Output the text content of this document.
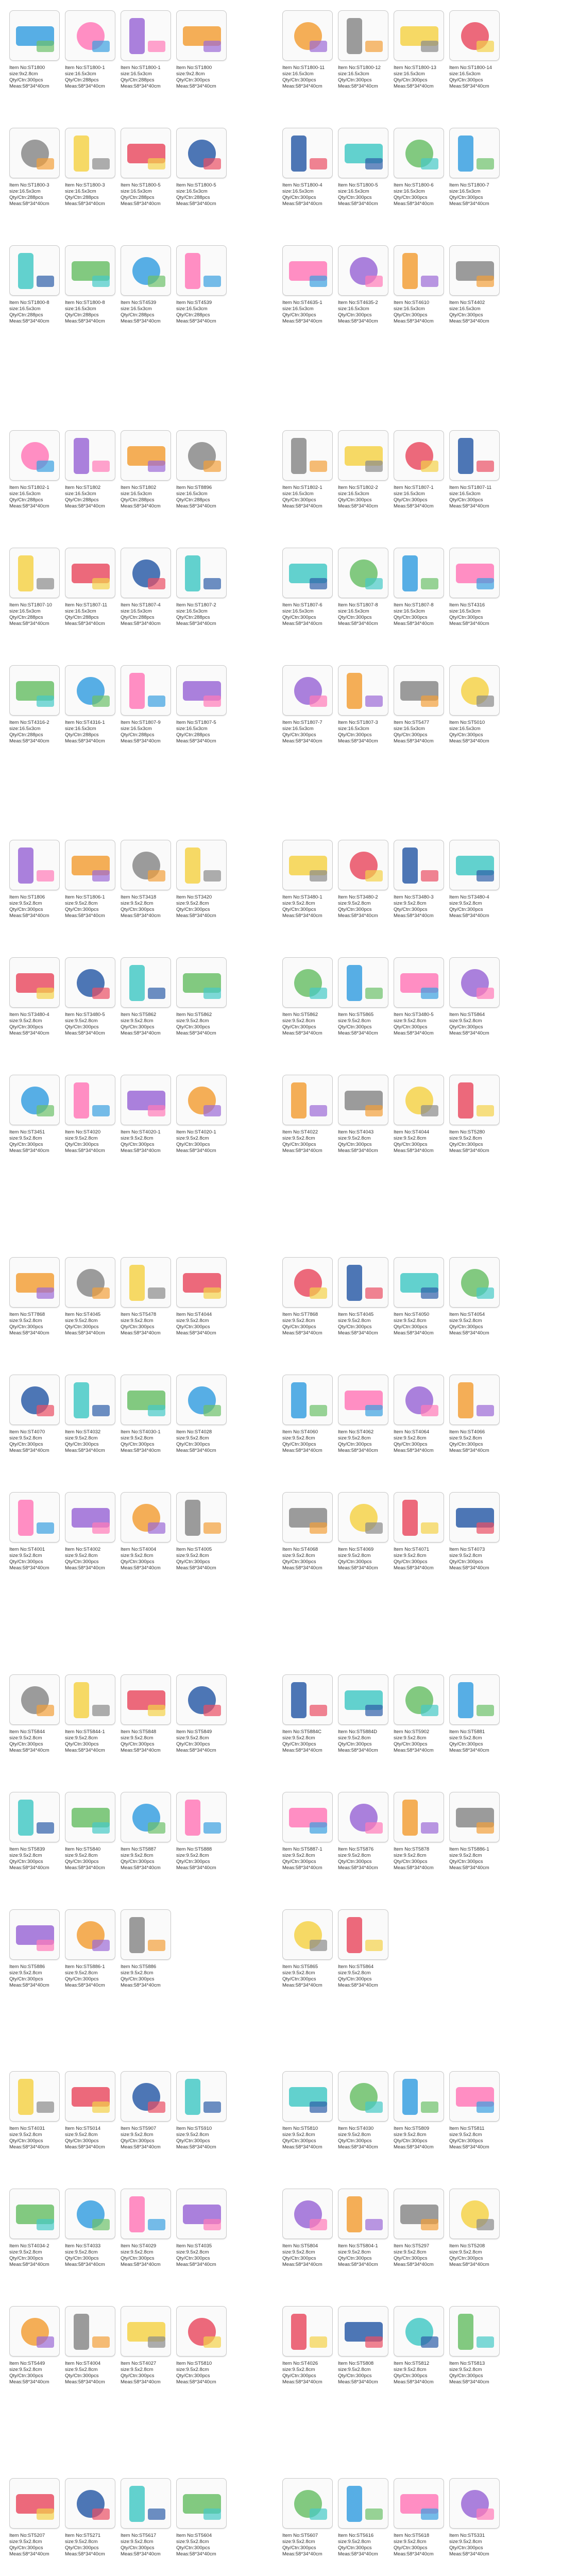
Item No:ST1800
size:9x2.8cm
Qty/Ctn:300pcs
Meas:58*34*40cm
Item No:ST1800-1
size:16.5x3cm
Qty/Ctn:288pcs
Meas:58*34*40cm
Item No:ST1800-1
size:16.5x3cm
Qty/Ctn:288pcs
Meas:58*34*40cm
Item No:ST1800
size:9x2.8cm
Qty/Ctn:300pcs
Meas:58*34*40cm
Item No:ST1800-3
size:16.5x3cm
Qty/Ctn:288pcs
Meas:58*34*40cm
Item No:ST1800-3
size:16.5x3cm
Qty/Ctn:288pcs
Meas:58*34*40cm
Item No:ST1800-5
size:16.5x3cm
Qty/Ctn:288pcs
Meas:58*34*40cm
Item No:ST1800-5
size:16.5x3cm
Qty/Ctn:288pcs
Meas:58*34*40cm
Item No:ST1800-8
size:16.5x3cm
Qty/Ctn:288pcs
Meas:58*34*40cm
Item No:ST1800-8
size:16.5x3cm
Qty/Ctn:288pcs
Meas:58*34*40cm
Item No:ST4539
size:16.5x3cm
Qty/Ctn:288pcs
Meas:58*34*40cm
Item No:ST4539
size:16.5x3cm
Qty/Ctn:288pcs
Meas:58*34*40cm
Item No:ST1800-11
size:16.5x3cm
Qty/Ctn:300pcs
Meas:58*34*40cm
Item No:ST1800-12
size:16.5x3cm
Qty/Ctn:300pcs
Meas:58*34*40cm
Item No:ST1800-13
size:16.5x3cm
Qty/Ctn:300pcs
Meas:58*34*40cm
Item No:ST1800-14
size:16.5x3cm
Qty/Ctn:300pcs
Meas:58*34*40cm
Item No:ST1800-4
size:16.5x3cm
Qty/Ctn:300pcs
Meas:58*34*40cm
Item No:ST1800-5
size:16.5x3cm
Qty/Ctn:300pcs
Meas:58*34*40cm
Item No:ST1800-6
size:16.5x3cm
Qty/Ctn:300pcs
Meas:58*34*40cm
Item No:ST1800-7
size:16.5x3cm
Qty/Ctn:300pcs
Meas:58*34*40cm
Item No:ST4635-1
size:16.5x3cm
Qty/Ctn:300pcs
Meas:58*34*40cm
Item No:ST4635-2
size:16.5x3cm
Qty/Ctn:300pcs
Meas:58*34*40cm
Item No:ST4610
size:16.5x3cm
Qty/Ctn:300pcs
Meas:58*34*40cm
Item No:ST4402
size:16.5x3cm
Qty/Ctn:300pcs
Meas:58*34*40cm
Item No:ST1802-1
size:16.5x3cm
Qty/Ctn:288pcs
Meas:58*34*40cm
Item No:ST1802
size:16.5x3cm
Qty/Ctn:288pcs
Meas:58*34*40cm
Item No:ST1802
size:16.5x3cm
Qty/Ctn:288pcs
Meas:58*34*40cm
Item No:ST8896
size:16.5x3cm
Qty/Ctn:288pcs
Meas:58*34*40cm
Item No:ST1807-10
size:16.5x3cm
Qty/Ctn:288pcs
Meas:58*34*40cm
Item No:ST1807-11
size:16.5x3cm
Qty/Ctn:288pcs
Meas:58*34*40cm
Item No:ST1807-4
size:16.5x3cm
Qty/Ctn:288pcs
Meas:58*34*40cm
Item No:ST1807-2
size:16.5x3cm
Qty/Ctn:288pcs
Meas:58*34*40cm
Item No:ST4316-2
size:16.5x3cm
Qty/Ctn:288pcs
Meas:58*34*40cm
Item No:ST4316-1
size:16.5x3cm
Qty/Ctn:288pcs
Meas:58*34*40cm
Item No:ST1807-9
size:16.5x3cm
Qty/Ctn:288pcs
Meas:58*34*40cm
Item No:ST1807-5
size:16.5x3cm
Qty/Ctn:288pcs
Meas:58*34*40cm
Item No:ST1802-1
size:16.5x3cm
Qty/Ctn:300pcs
Meas:58*34*40cm
Item No:ST1802-2
size:16.5x3cm
Qty/Ctn:300pcs
Meas:58*34*40cm
Item No:ST1807-1
size:16.5x3cm
Qty/Ctn:300pcs
Meas:58*34*40cm
Item No:ST1807-11
size:16.5x3cm
Qty/Ctn:300pcs
Meas:58*34*40cm
Item No:ST1807-6
size:16.5x3cm
Qty/Ctn:300pcs
Meas:58*34*40cm
Item No:ST1807-8
size:16.5x3cm
Qty/Ctn:300pcs
Meas:58*34*40cm
Item No:ST1807-8
size:16.5x3cm
Qty/Ctn:300pcs
Meas:58*34*40cm
Item No:ST4316
size:16.5x3cm
Qty/Ctn:300pcs
Meas:58*34*40cm
Item No:ST1807-7
size:16.5x3cm
Qty/Ctn:300pcs
Meas:58*34*40cm
Item No:ST1807-3
size:16.5x3cm
Qty/Ctn:300pcs
Meas:58*34*40cm
Item No:ST5477
size:16.5x3cm
Qty/Ctn:300pcs
Meas:58*34*40cm
Item No:ST5010
size:16.5x3cm
Qty/Ctn:300pcs
Meas:58*34*40cm
Item No:ST1806
size:9.5x2.8cm
Qty/Ctn:300pcs
Meas:58*34*40cm
Item No:ST1806-1
size:9.5x2.8cm
Qty/Ctn:300pcs
Meas:58*34*40cm
Item No:ST3418
size:9.5x2.8cm
Qty/Ctn:300pcs
Meas:58*34*40cm
Item No:ST3420
size:9.5x2.8cm
Qty/Ctn:300pcs
Meas:58*34*40cm
Item No:ST3480-4
size:9.5x2.8cm
Qty/Ctn:300pcs
Meas:58*34*40cm
Item No:ST3480-5
size:9.5x2.8cm
Qty/Ctn:300pcs
Meas:58*34*40cm
Item No:ST5862
size:9.5x2.8cm
Qty/Ctn:300pcs
Meas:58*34*40cm
Item No:ST5862
size:9.5x2.8cm
Qty/Ctn:300pcs
Meas:58*34*40cm
Item No:ST3451
size:9.5x2.8cm
Qty/Ctn:300pcs
Meas:58*34*40cm
Item No:ST4020
size:9.5x2.8cm
Qty/Ctn:300pcs
Meas:58*34*40cm
Item No:ST4020-1
size:9.5x2.8cm
Qty/Ctn:300pcs
Meas:58*34*40cm
Item No:ST4020-1
size:9.5x2.8cm
Qty/Ctn:300pcs
Meas:58*34*40cm
Item No:ST3480-1
size:9.5x2.8cm
Qty/Ctn:300pcs
Meas:58*34*40cm
Item No:ST3480-2
size:9.5x2.8cm
Qty/Ctn:300pcs
Meas:58*34*40cm
Item No:ST3480-3
size:9.5x2.8cm
Qty/Ctn:300pcs
Meas:58*34*40cm
Item No:ST3480-4
size:9.5x2.8cm
Qty/Ctn:300pcs
Meas:58*34*40cm
Item No:ST5862
size:9.5x2.8cm
Qty/Ctn:300pcs
Meas:58*34*40cm
Item No:ST5865
size:9.5x2.8cm
Qty/Ctn:300pcs
Meas:58*34*40cm
Item No:ST3480-5
size:9.5x2.8cm
Qty/Ctn:300pcs
Meas:58*34*40cm
Item No:ST5864
size:9.5x2.8cm
Qty/Ctn:300pcs
Meas:58*34*40cm
Item No:ST4022
size:9.5x2.8cm
Qty/Ctn:300pcs
Meas:58*34*40cm
Item No:ST4043
size:9.5x2.8cm
Qty/Ctn:300pcs
Meas:58*34*40cm
Item No:ST4044
size:9.5x2.8cm
Qty/Ctn:300pcs
Meas:58*34*40cm
Item No:ST5280
size:9.5x2.8cm
Qty/Ctn:300pcs
Meas:58*34*40cm
Item No:ST7868
size:9.5x2.8cm
Qty/Ctn:300pcs
Meas:58*34*40cm
Item No:ST4045
size:9.5x2.8cm
Qty/Ctn:300pcs
Meas:58*34*40cm
Item No:ST5478
size:9.5x2.8cm
Qty/Ctn:300pcs
Meas:58*34*40cm
Item No:ST4044
size:9.5x2.8cm
Qty/Ctn:300pcs
Meas:58*34*40cm
Item No:ST4070
size:9.5x2.8cm
Qty/Ctn:300pcs
Meas:58*34*40cm
Item No:ST4032
size:9.5x2.8cm
Qty/Ctn:300pcs
Meas:58*34*40cm
Item No:ST4030-1
size:9.5x2.8cm
Qty/Ctn:300pcs
Meas:58*34*40cm
Item No:ST4028
size:9.5x2.8cm
Qty/Ctn:300pcs
Meas:58*34*40cm
Item No:ST4001
size:9.5x2.8cm
Qty/Ctn:300pcs
Meas:58*34*40cm
Item No:ST4002
size:9.5x2.8cm
Qty/Ctn:300pcs
Meas:58*34*40cm
Item No:ST4004
size:9.5x2.8cm
Qty/Ctn:300pcs
Meas:58*34*40cm
Item No:ST4005
size:9.5x2.8cm
Qty/Ctn:300pcs
Meas:58*34*40cm
Item No:ST7868
size:9.5x2.8cm
Qty/Ctn:300pcs
Meas:58*34*40cm
Item No:ST4045
size:9.5x2.8cm
Qty/Ctn:300pcs
Meas:58*34*40cm
Item No:ST4050
size:9.5x2.8cm
Qty/Ctn:300pcs
Meas:58*34*40cm
Item No:ST4054
size:9.5x2.8cm
Qty/Ctn:300pcs
Meas:58*34*40cm
Item No:ST4060
size:9.5x2.8cm
Qty/Ctn:300pcs
Meas:58*34*40cm
Item No:ST4062
size:9.5x2.8cm
Qty/Ctn:300pcs
Meas:58*34*40cm
Item No:ST4064
size:9.5x2.8cm
Qty/Ctn:300pcs
Meas:58*34*40cm
Item No:ST4066
size:9.5x2.8cm
Qty/Ctn:300pcs
Meas:58*34*40cm
Item No:ST4068
size:9.5x2.8cm
Qty/Ctn:300pcs
Meas:58*34*40cm
Item No:ST4069
size:9.5x2.8cm
Qty/Ctn:300pcs
Meas:58*34*40cm
Item No:ST4071
size:9.5x2.8cm
Qty/Ctn:300pcs
Meas:58*34*40cm
Item No:ST4073
size:9.5x2.8cm
Qty/Ctn:300pcs
Meas:58*34*40cm
Item No:ST5844
size:9.5x2.8cm
Qty/Ctn:300pcs
Meas:58*34*40cm
Item No:ST5844-1
size:9.5x2.8cm
Qty/Ctn:300pcs
Meas:58*34*40cm
Item No:ST5848
size:9.5x2.8cm
Qty/Ctn:300pcs
Meas:58*34*40cm
Item No:ST5849
size:9.5x2.8cm
Qty/Ctn:300pcs
Meas:58*34*40cm
Item No:ST5839
size:9.5x2.8cm
Qty/Ctn:300pcs
Meas:58*34*40cm
Item No:ST5840
size:9.5x2.8cm
Qty/Ctn:300pcs
Meas:58*34*40cm
Item No:ST5887
size:9.5x2.8cm
Qty/Ctn:300pcs
Meas:58*34*40cm
Item No:ST5888
size:9.5x2.8cm
Qty/Ctn:300pcs
Meas:58*34*40cm
Item No:ST5886
size:9.5x2.8cm
Qty/Ctn:300pcs
Meas:58*34*40cm
Item No:ST5886-1
size:9.5x2.8cm
Qty/Ctn:300pcs
Meas:58*34*40cm
Item No:ST5886
size:9.5x2.8cm
Qty/Ctn:300pcs
Meas:58*34*40cm
Item No:ST5884C
size:9.5x2.8cm
Qty/Ctn:300pcs
Meas:58*34*40cm
Item No:ST5884D
size:9.5x2.8cm
Qty/Ctn:300pcs
Meas:58*34*40cm
Item No:ST5902
size:9.5x2.8cm
Qty/Ctn:300pcs
Meas:58*34*40cm
Item No:ST5881
size:9.5x2.8cm
Qty/Ctn:300pcs
Meas:58*34*40cm
Item No:ST5887-1
size:9.5x2.8cm
Qty/Ctn:300pcs
Meas:58*34*40cm
Item No:ST5876
size:9.5x2.8cm
Qty/Ctn:300pcs
Meas:58*34*40cm
Item No:ST5878
size:9.5x2.8cm
Qty/Ctn:300pcs
Meas:58*34*40cm
Item No:ST5886-1
size:9.5x2.8cm
Qty/Ctn:300pcs
Meas:58*34*40cm
Item No:ST5865
size:9.5x2.8cm
Qty/Ctn:300pcs
Meas:58*34*40cm
Item No:ST5864
size:9.5x2.8cm
Qty/Ctn:300pcs
Meas:58*34*40cm
Item No:ST4031
size:9.5x2.8cm
Qty/Ctn:300pcs
Meas:58*34*40cm
Item No:ST5014
size:9.5x2.8cm
Qty/Ctn:300pcs
Meas:58*34*40cm
Item No:ST5907
size:9.5x2.8cm
Qty/Ctn:300pcs
Meas:58*34*40cm
Item No:ST5910
size:9.5x2.8cm
Qty/Ctn:300pcs
Meas:58*34*40cm
Item No:ST4034-2
size:9.5x2.8cm
Qty/Ctn:300pcs
Meas:58*34*40cm
Item No:ST4033
size:9.5x2.8cm
Qty/Ctn:300pcs
Meas:58*34*40cm
Item No:ST4029
size:9.5x2.8cm
Qty/Ctn:300pcs
Meas:58*34*40cm
Item No:ST4035
size:9.5x2.8cm
Qty/Ctn:300pcs
Meas:58*34*40cm
Item No:ST5449
size:9.5x2.8cm
Qty/Ctn:300pcs
Meas:58*34*40cm
Item No:ST4004
size:9.5x2.8cm
Qty/Ctn:300pcs
Meas:58*34*40cm
Item No:ST4027
size:9.5x2.8cm
Qty/Ctn:300pcs
Meas:58*34*40cm
Item No:ST5810
size:9.5x2.8cm
Qty/Ctn:300pcs
Meas:58*34*40cm
Item No:ST5810
size:9.5x2.8cm
Qty/Ctn:300pcs
Meas:58*34*40cm
Item No:ST4030
size:9.5x2.8cm
Qty/Ctn:300pcs
Meas:58*34*40cm
Item No:ST5809
size:9.5x2.8cm
Qty/Ctn:300pcs
Meas:58*34*40cm
Item No:ST5811
size:9.5x2.8cm
Qty/Ctn:300pcs
Meas:58*34*40cm
Item No:ST5804
size:9.5x2.8cm
Qty/Ctn:300pcs
Meas:58*34*40cm
Item No:ST5804-1
size:9.5x2.8cm
Qty/Ctn:300pcs
Meas:58*34*40cm
Item No:ST5297
size:9.5x2.8cm
Qty/Ctn:300pcs
Meas:58*34*40cm
Item No:ST5208
size:9.5x2.8cm
Qty/Ctn:300pcs
Meas:58*34*40cm
Item No:ST4026
size:9.5x2.8cm
Qty/Ctn:300pcs
Meas:58*34*40cm
Item No:ST5808
size:9.5x2.8cm
Qty/Ctn:300pcs
Meas:58*34*40cm
Item No:ST5812
size:9.5x2.8cm
Qty/Ctn:300pcs
Meas:58*34*40cm
Item No:ST5813
size:9.5x2.8cm
Qty/Ctn:300pcs
Meas:58*34*40cm
Item No:ST5207
size:9.5x2.8cm
Qty/Ctn:300pcs
Meas:58*34*40cm
Item No:ST5271
size:9.5x2.8cm
Qty/Ctn:300pcs
Meas:58*34*40cm
Item No:ST5617
size:9.5x2.8cm
Qty/Ctn:300pcs
Meas:58*34*40cm
Item No:ST5604
size:9.5x2.8cm
Qty/Ctn:300pcs
Meas:58*34*40cm
Item No:ST5607
size:9.5x2.8cm
Qty/Ctn:300pcs
Meas:58*34*40cm
Item No:ST5616
size:9.5x2.8cm
Qty/Ctn:300pcs
Meas:58*34*40cm
Item No:ST5618
size:9.5x2.8cm
Qty/Ctn:300pcs
Meas:58*34*40cm
Item No:ST5331
size:9.5x2.8cm
Qty/Ctn:300pcs
Meas:58*34*40cm
